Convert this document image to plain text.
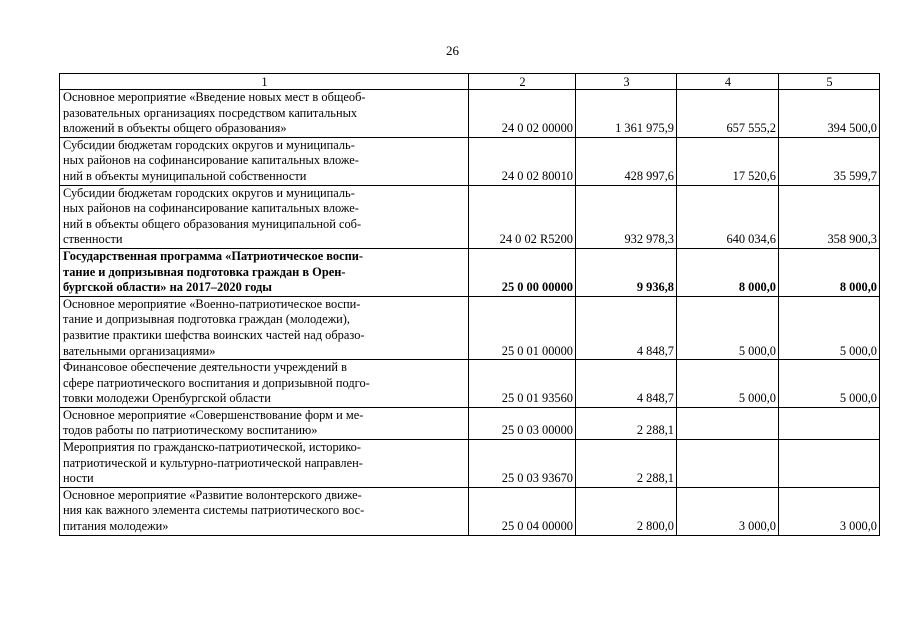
26
1	2	3	4	5
Основное мероприятие «Введение новых мест в общеоб-
разовательных организациях посредством капитальных
вложений в объекты общего образования»	24 0 02 00000	1 361 975,9	657 555,2	394 500,0
Субсидии бюджетам городских округов и муниципаль-
ных районов на софинансирование капитальных вложе-
ний в объекты муниципальной собственности	24 0 02 80010	428 997,6	17 520,6	35 599,7
Субсидии бюджетам городских округов и муниципаль-
ных районов на софинансирование капитальных вложе-
ний в объекты общего образования муниципальной соб-
ственности	24 0 02 R5200	932 978,3	640 034,6	358 900,3
Государственная программа «Патриотическое воспи-
тание и допризывная подготовка граждан в Орен-
бургской области» на 2017–2020 годы	25 0 00 00000	9 936,8	8 000,0	8 000,0
Основное мероприятие «Военно-патриотическое воспи-
тание и допризывная подготовка граждан (молодежи),
развитие практики шефства воинских частей над образо-
вательными организациями»	25 0 01 00000	4 848,7	5 000,0	5 000,0
Финансовое обеспечение деятельности учреждений в
сфере патриотического воспитания и допризывной подго-
товки молодежи Оренбургской области	25 0 01 93560	4 848,7	5 000,0	5 000,0
Основное мероприятие «Совершенствование форм и ме-
тодов работы по патриотическому воспитанию»	25 0 03 00000	2 288,1		
Мероприятия по гражданско-патриотической, историко-
патриотической и культурно-патриотической направлен-
ности	25 0 03 93670	2 288,1		
Основное мероприятие «Развитие волонтерского движе-
ния как важного элемента системы патриотического вос-
питания молодежи»	25 0 04 00000	2 800,0	3 000,0	3 000,0
